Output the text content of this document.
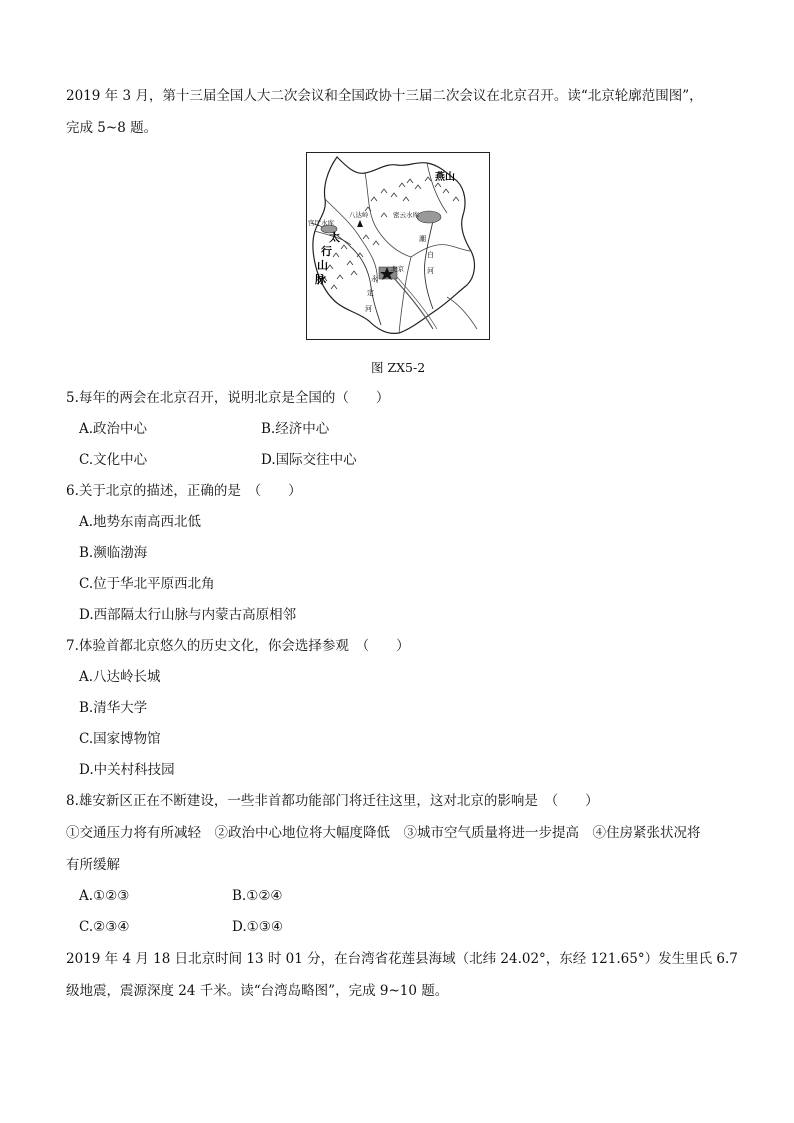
2019 年 3 月，第十三届全国人大二次会议和全国政协十三届二次会议在北京召开。读“北京轮廓范围图”，
完成 5~8 题。
燕山
八达岭	密云水库
官厅水库
北京
太
行
山
脉
潮
白
河
永
定
河
图 ZX5-2
5.每年的两会在北京召开，说明北京是全国的（　　）
A.政治中心	B.经济中心
C.文化中心	D.国际交往中心
6.关于北京的描述，正确的是　（　　）
A.地势东南高西北低
B.濒临渤海
C.位于华北平原西北角
D.西部隔太行山脉与内蒙古高原相邻
7.体验首都北京悠久的历史文化，你会选择参观　（　　）
A.八达岭长城
B.清华大学
C.国家博物馆
D.中关村科技园
8.雄安新区正在不断建设，一些非首都功能部门将迁往这里，这对北京的影响是　（　　）
①交通压力将有所减轻　②政治中心地位将大幅度降低　③城市空气质量将进一步提高　④住房紧张状况将
有所缓解
A.①②③	B.①②④
C.②③④	D.①③④
2019 年 4 月 18 日北京时间 13 时 01 分，在台湾省花莲县海域（北纬 24.02°，东经 121.65°）发生里氏 6.7
级地震，震源深度 24 千米。读“台湾岛略图”，完成 9~10 题。
